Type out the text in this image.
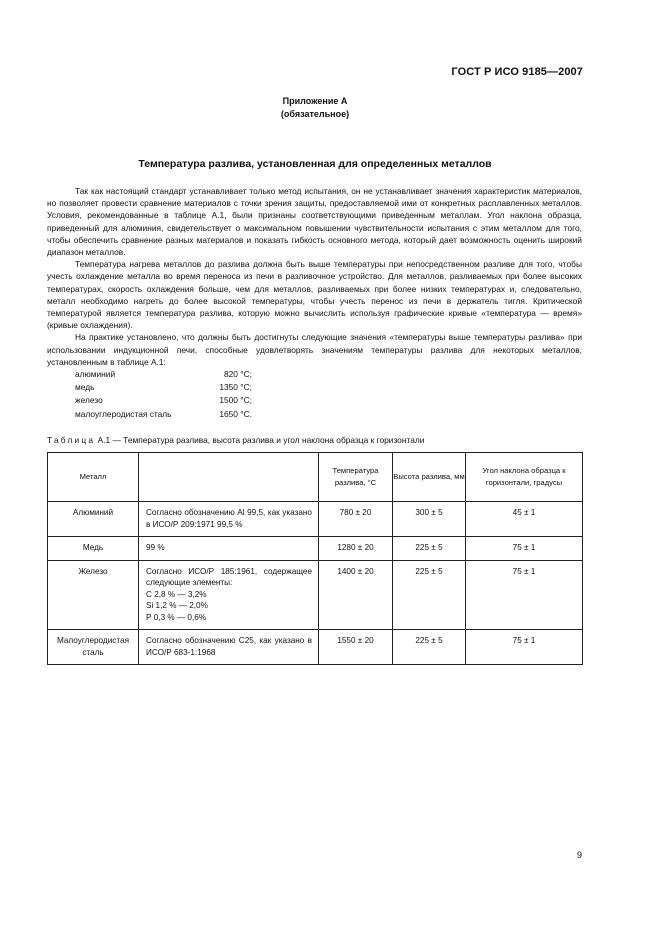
ГОСТ Р ИСО 9185—2007
Приложение А
(обязательное)
Температура разлива, установленная для определенных металлов

Так как настоящий стандарт устанавливает только метод испытания, он не устанавливает значения характеристик материалов, но позволяет провести сравнение материалов с точки зрения защиты, предоставляемой ими от конкретных расплавленных металлов. Условия, рекомендованные в таблице А.1, были признаны соответствующими приведенным металлам. Угол наклона образца, приведенный для алюминия, свидетельствует о максимальном повышении чувствительности испытания с этим металлом для того, чтобы обеспечить сравнение разных материалов и показать гибкость основного метода, который дает возможность оценить широкий диапазон металлов.

Температура нагрева металлов до разлива должна быть выше температуры при непосредственном разливе для того, чтобы учесть охлаждение металла во время переноса из печи в разливочное устройство. Для металлов, разливаемых при более высоких температурах, скорость охлаждения больше, чем для металлов, разливаемых при более низких температурах и, следовательно, металл необходимо нагреть до более высокой температуры, чтобы учесть перенос из печи в держатель тигля. Критической температурой является температура разлива, которую можно вычислить используя графические кривые «температура — время» (кривые охлаждения).

На практике установлено, что должны быть достигнуты следующие значения «температуры выше температуры разлива» при использовании индукционной печи, способные удовлетворять значениям температуры разлива для некоторых металлов, установленным в таблице А.1:

алюминий	820 °С;
медь	1350 °С;
железо	1500 °С;
малоуглеродистая сталь	1650 °С.
Таблица А.1 — Температура разлива, высота разлива и угол наклона образца к горизонтали
Металл		Температура разлива, °С	Высота разлива, мм	Угол наклона образца к горизонтали, градусы
Алюминий	Согласно обозначению Al 99,5, как указано в ИСО/Р 209:1971 99,5 %	780 ± 20	300 ± 5	45 ± 1
Медь	99 %	1280 ± 20	225 ± 5	75 ± 1
Железо	Согласно ИСО/Р 185:1961, содержащее следующие элементы:
С 2,8 % — 3,2%
Si 1,2 % — 2,0%
Р 0,3 % — 0,6%	1400 ± 20	225 ± 5	75 ± 1
Малоуглеродистая сталь	Согласно обозначению С25, как указано в ИСО/Р 683-1:1968	1550 ± 20	225 ± 5	75 ± 1
9
